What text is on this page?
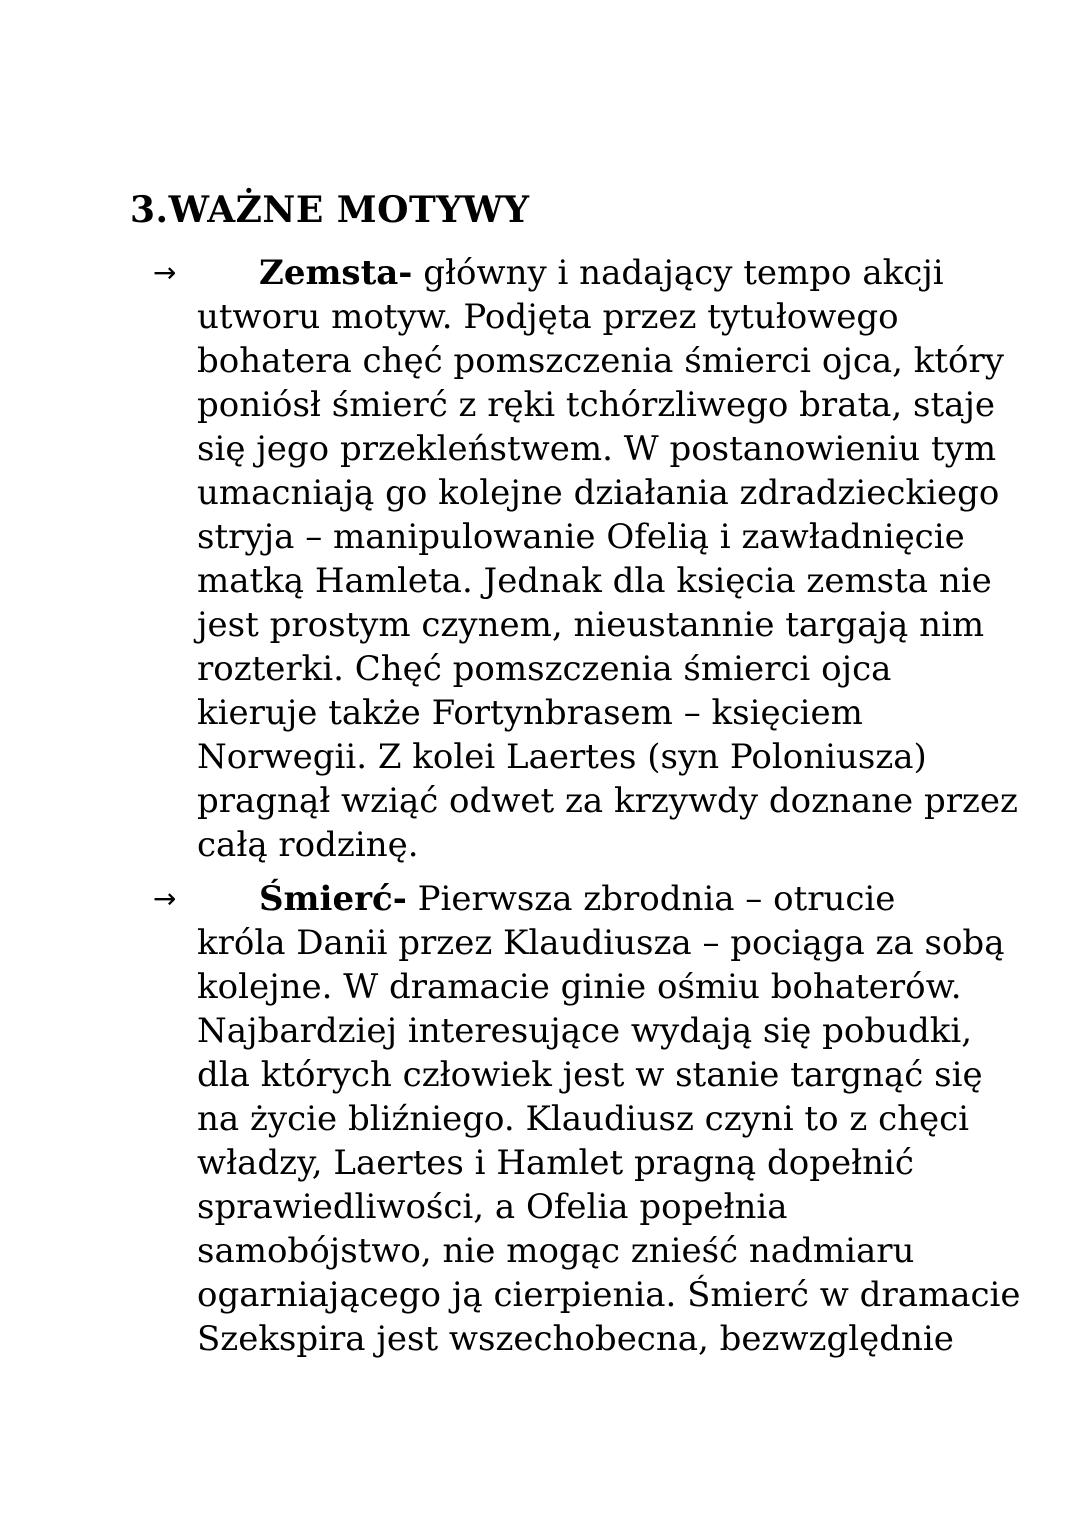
3.WAŻNE MOTYWY
→	Zemsta- główny i nadający tempo akcji
utworu motyw. Podjęta przez tytułowego
bohatera chęć pomszczenia śmierci ojca, który
poniósł śmierć z ręki tchórzliwego brata, staje
się jego przekleństwem. W postanowieniu tym
umacniają go kolejne działania zdradzieckiego
stryja – manipulowanie Ofelią i zawładnięcie
matką Hamleta. Jednak dla księcia zemsta nie
jest prostym czynem, nieustannie targają nim
rozterki. Chęć pomszczenia śmierci ojca
kieruje także Fortynbrasem – księciem
Norwegii. Z kolei Laertes (syn Poloniusza)
pragnął wziąć odwet za krzywdy doznane przez
całą rodzinę.
→	Śmierć- Pierwsza zbrodnia – otrucie
króla Danii przez Klaudiusza – pociąga za sobą
kolejne. W dramacie ginie ośmiu bohaterów.
Najbardziej interesujące wydają się pobudki,
dla których człowiek jest w stanie targnąć się
na życie bliźniego. Klaudiusz czyni to z chęci
władzy, Laertes i Hamlet pragną dopełnić
sprawiedliwości, a Ofelia popełnia
samobójstwo, nie mogąc znieść nadmiaru
ogarniającego ją cierpienia. Śmierć w dramacie
Szekspira jest wszechobecna, bezwzględnie
